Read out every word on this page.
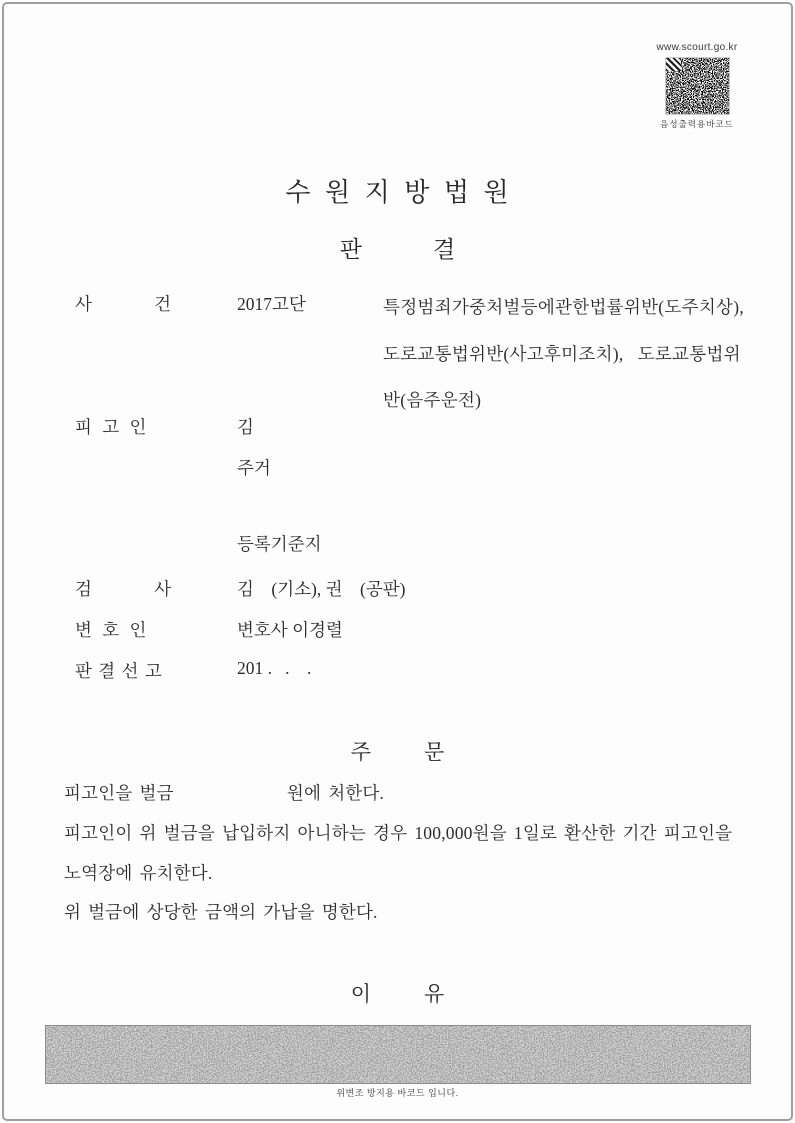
www.scourt.go.kr
음성출력용바코드
수 원 지 방 법 원
판    결
사      건	2017고단	특정범죄가중처벌등에관한법률위반(도주치상),
도로교통법위반(사고후미조치),   도로교통법위
반(음주운전)
피 고 인	김
주거
등록기준지
검      사	김    (기소), 권    (공판)
변 호 인	변호사 이경렬
판 결 선 고	201 .   .    .
주    문
피고인을 벌금                원에 처한다.
피고인이 위 벌금을 납입하지 아니하는 경우 100,000원을 1일로 환산한 기간 피고인을
노역장에 유치한다.
위 벌금에 상당한 금액의 가납을 명한다.
이    유
위변조 방지용 바코드 입니다.
